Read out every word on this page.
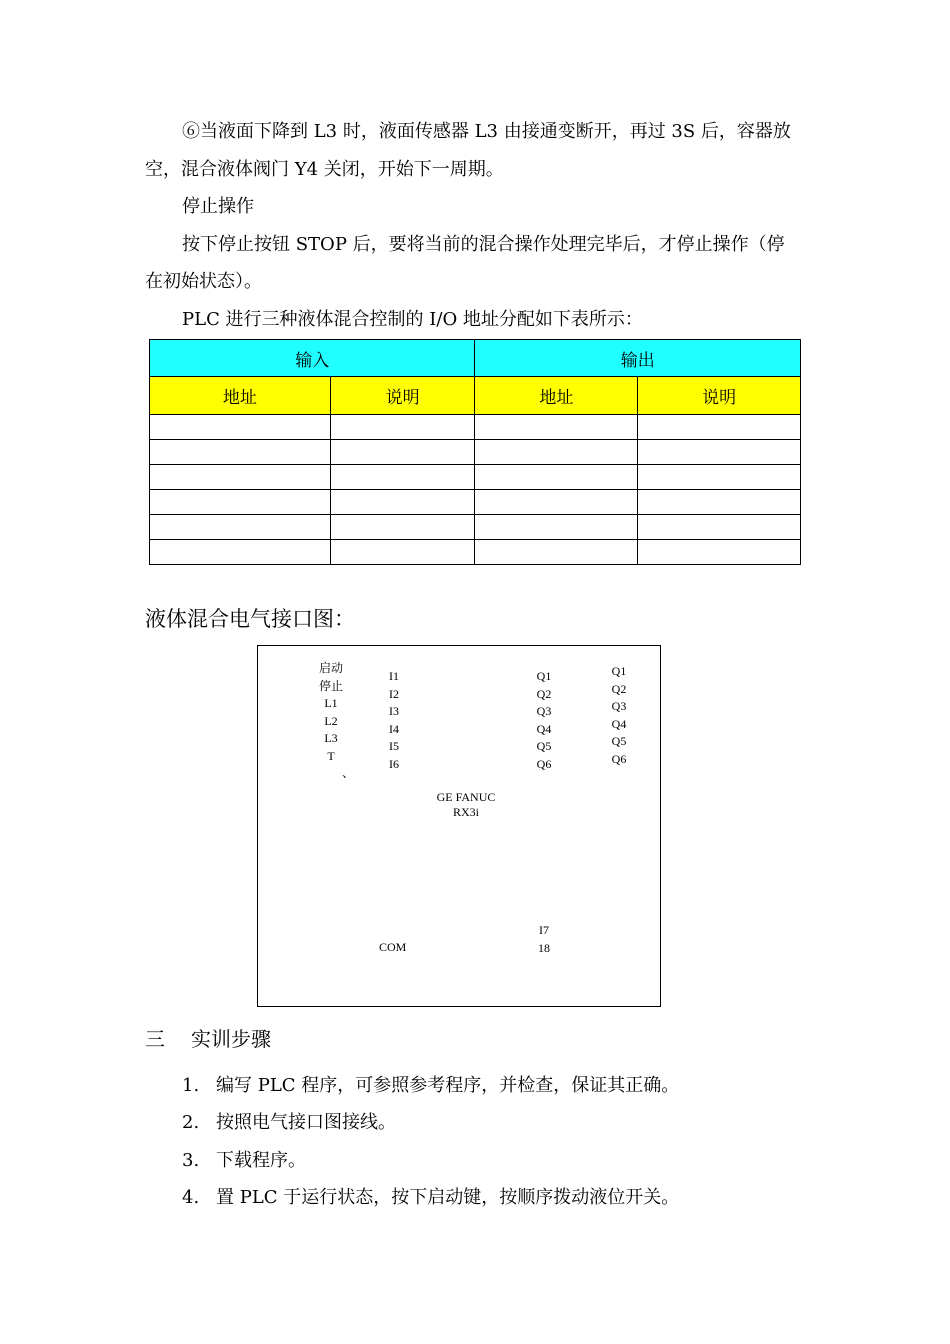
⑥当液面下降到 L3 时，液面传感器 L3 由接通变断开，再过 3S 后，容器放
空，混合液体阀门 Y4 关闭，开始下一周期。
停止操作
按下停止按钮 STOP 后，要将当前的混合操作处理完毕后，才停止操作（停
在初始状态）。
PLC 进行三种液体混合控制的 I/O 地址分配如下表所示：
输入		输出	
地址	说明	地址	说明

液体混合电气接口图：
启动
停止
L1
L2
L3
T
、
I1
I2
I3
I4
I5
I6
Q1
Q2
Q3
Q4
Q5
Q6
Q1
Q2
Q3
Q4
Q5
Q6
GE FANUC
RX3i
COM
I7
18
三 实训步骤
1. 编写 PLC 程序，可参照参考程序，并检查，保证其正确。
2. 按照电气接口图接线。
3. 下载程序。
4. 置 PLC 于运行状态，按下启动键，按顺序拨动液位开关。
